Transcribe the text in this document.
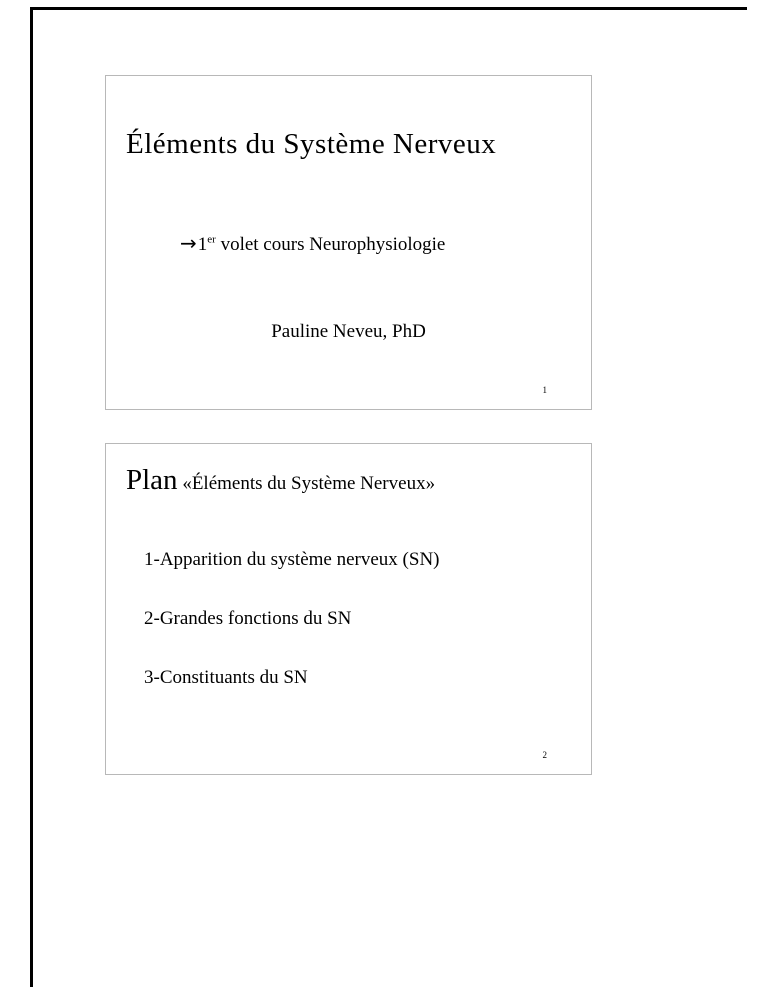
Éléments du Système Nerveux
→1er volet cours Neurophysiologie
Pauline Neveu, PhD
1
Plan «Éléments du Système Nerveux»
1-Apparition du système nerveux (SN)
2-Grandes fonctions du SN
3-Constituants du SN
2
